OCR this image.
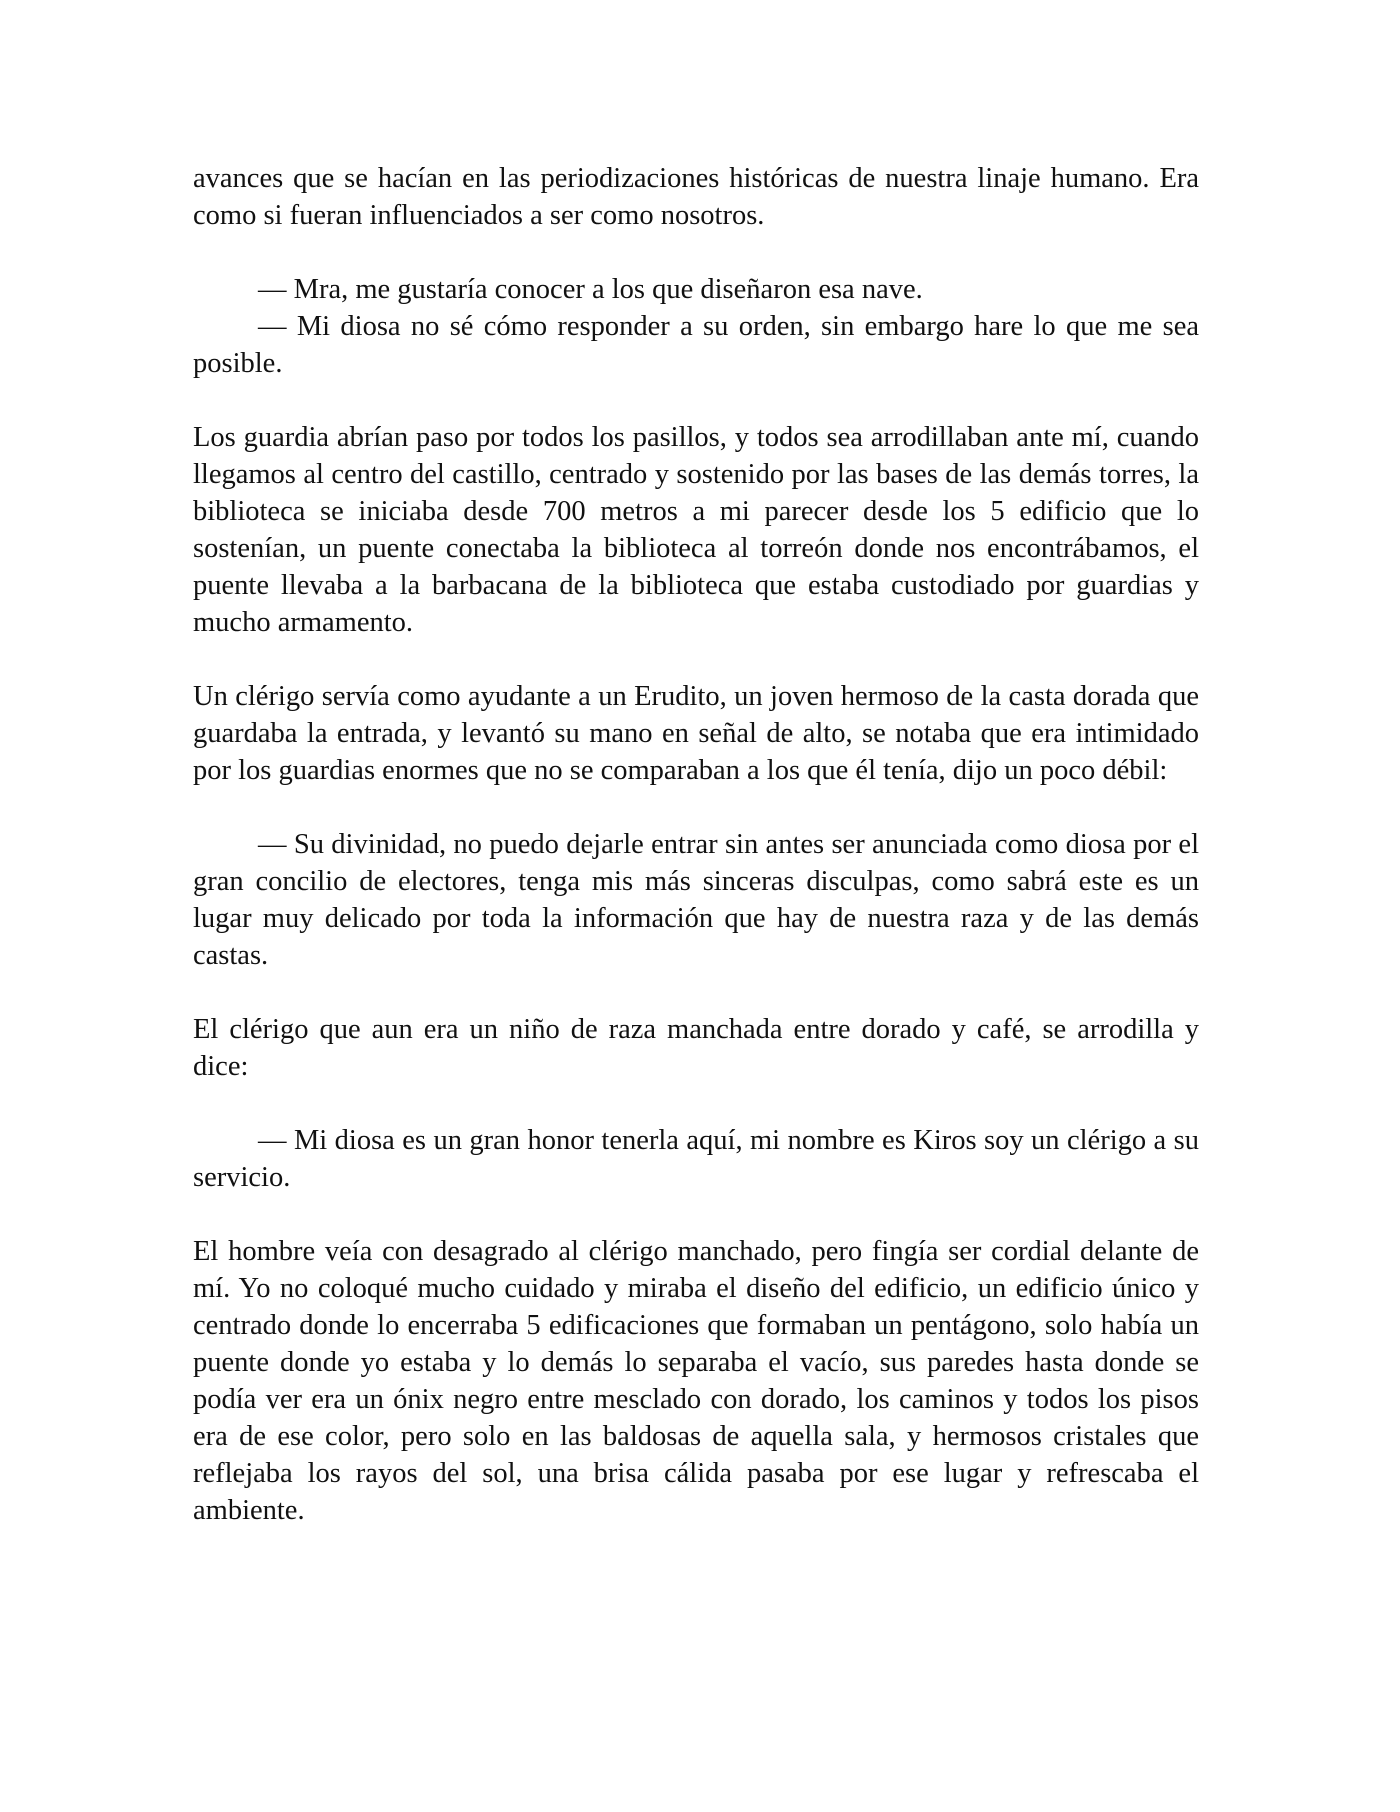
avances que se hacían en las periodizaciones históricas de nuestra linaje humano. Era como si fueran influenciados a ser como nosotros.

— Mra, me gustaría conocer a los que diseñaron esa nave.

— Mi diosa no sé cómo responder a su orden, sin embargo hare lo que me sea posible.

Los guardia abrían paso por todos los pasillos, y todos sea arrodillaban ante mí, cuando llegamos al centro del castillo, centrado y sostenido por las bases de las demás torres, la biblioteca se iniciaba desde 700 metros a mi parecer desde los 5 edificio que lo sostenían, un puente conectaba la biblioteca al torreón donde nos encontrábamos, el puente llevaba a la barbacana de la biblioteca que estaba custodiado por guardias y mucho armamento.

Un clérigo servía como ayudante a un Erudito, un joven hermoso de la casta dorada que guardaba la entrada, y levantó su mano en señal de alto, se notaba que era intimidado por los guardias enormes que no se comparaban a los que él tenía, dijo un poco débil:

— Su divinidad, no puedo dejarle entrar sin antes ser anunciada como diosa por el gran concilio de electores, tenga mis más sinceras disculpas, como sabrá este es un lugar muy delicado por toda la información que hay de nuestra raza y de las demás castas.

El clérigo que aun era un niño de raza manchada entre dorado y café, se arrodilla y dice:

— Mi diosa es un gran honor tenerla aquí, mi nombre es Kiros soy un clérigo a su servicio.

El hombre veía con desagrado al clérigo manchado, pero fingía ser cordial delante de mí. Yo no coloqué mucho cuidado y miraba el diseño del edificio, un edificio único y centrado donde lo encerraba 5 edificaciones que formaban un pentágono, solo había un puente donde yo estaba y lo demás lo separaba el vacío, sus paredes hasta donde se podía ver era un ónix negro entre mesclado con dorado, los caminos y todos los pisos era de ese color, pero solo en las baldosas de aquella sala, y hermosos cristales que reflejaba los rayos del sol, una brisa cálida pasaba por ese lugar y refrescaba el ambiente.
